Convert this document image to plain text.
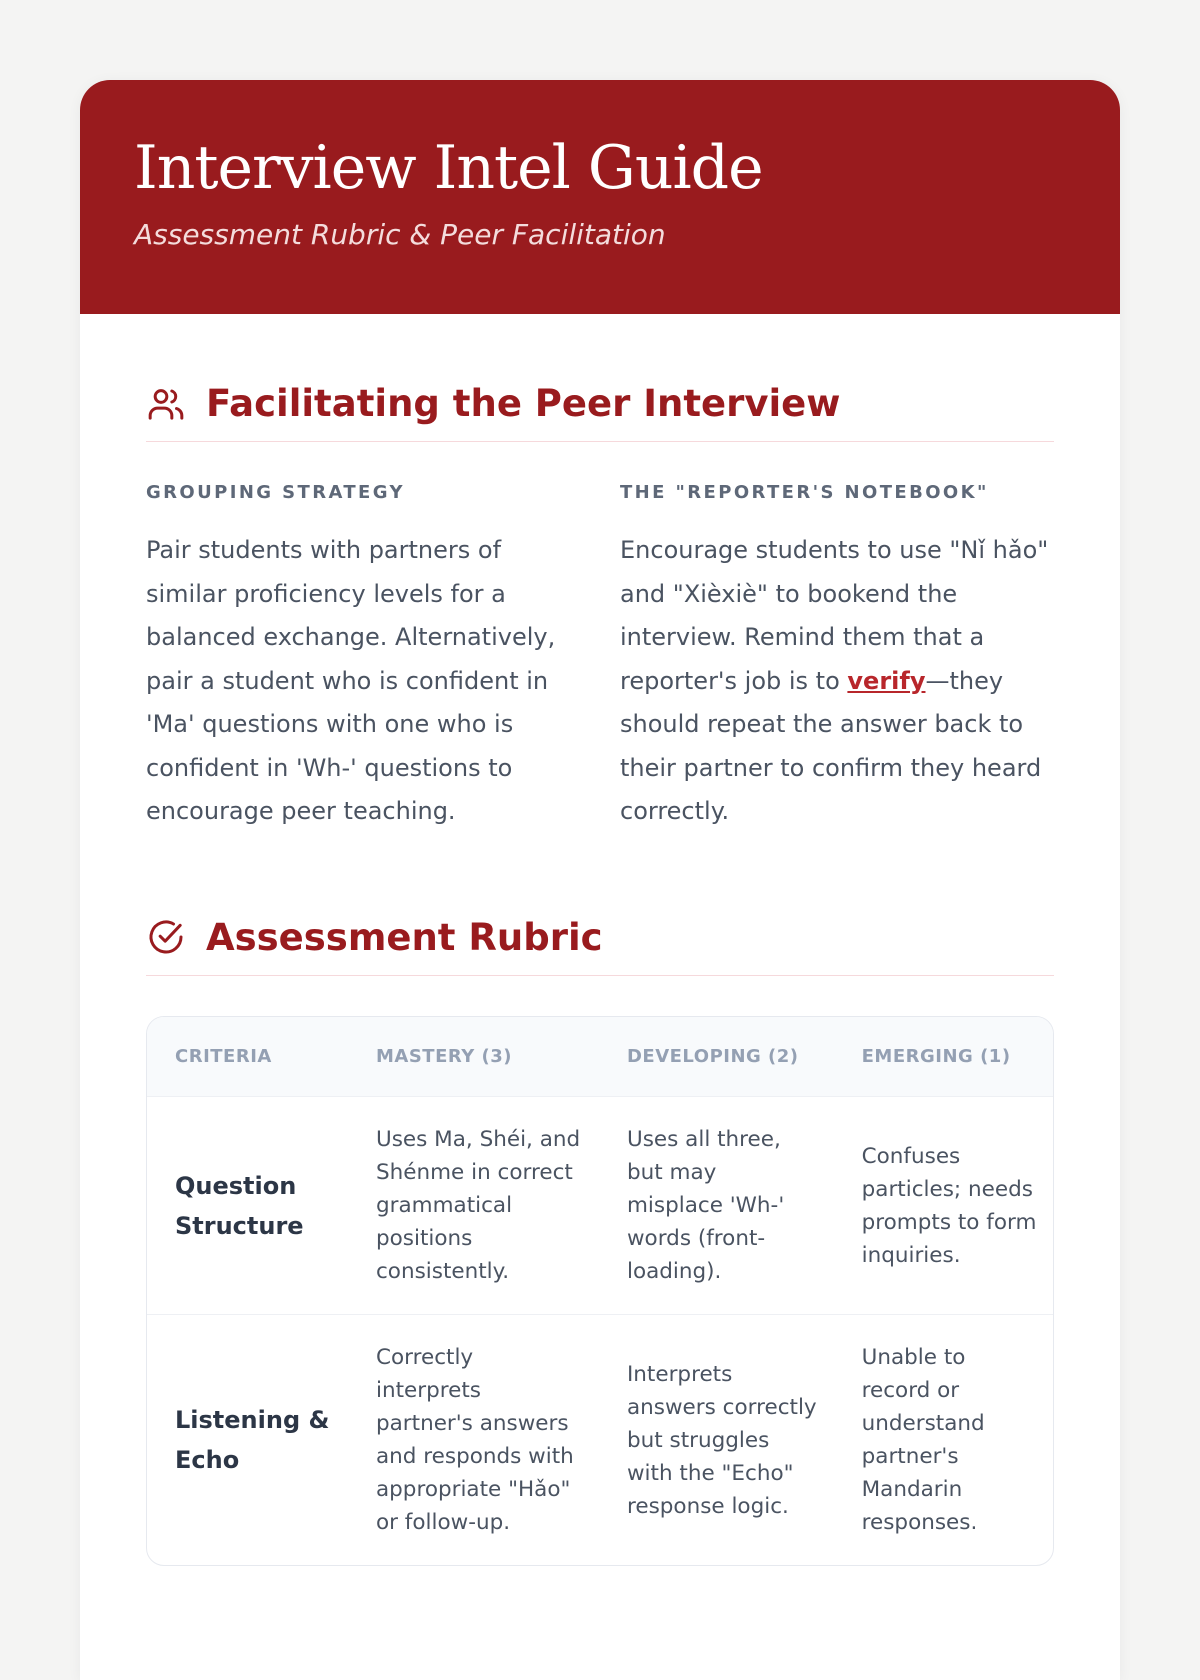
Interview Intel Guide
Assessment Rubric & Peer Facilitation
Facilitating the Peer Interview
GROUPING STRATEGY

Pair students with partners of similar proficiency levels for a balanced exchange. Alternatively, pair a student who is confident in 'Ma' questions with one who is confident in 'Wh-' questions to encourage peer teaching.

THE "REPORTER'S NOTEBOOK"

Encourage students to use "Nǐ hǎo" and "Xièxiè" to bookend the interview. Remind them that a reporter's job is to verify—they should repeat the answer back to their partner to confirm they heard correctly.

Assessment Rubric
CRITERIA	MASTERY (3)	DEVELOPING (2)	EMERGING (1)
Question Structure	Uses Ma, Shéi, and Shénme in correct grammatical positions consistently.	Uses all three, but may misplace 'Wh-' words (front-loading).	Confuses particles; needs prompts to form inquiries.
Listening & Echo	Correctly interprets partner's answers and responds with appropriate "Hǎo" or follow-up.	Interprets answers correctly but struggles with the "Echo" response logic.	Unable to record or understand partner's Mandarin responses.
